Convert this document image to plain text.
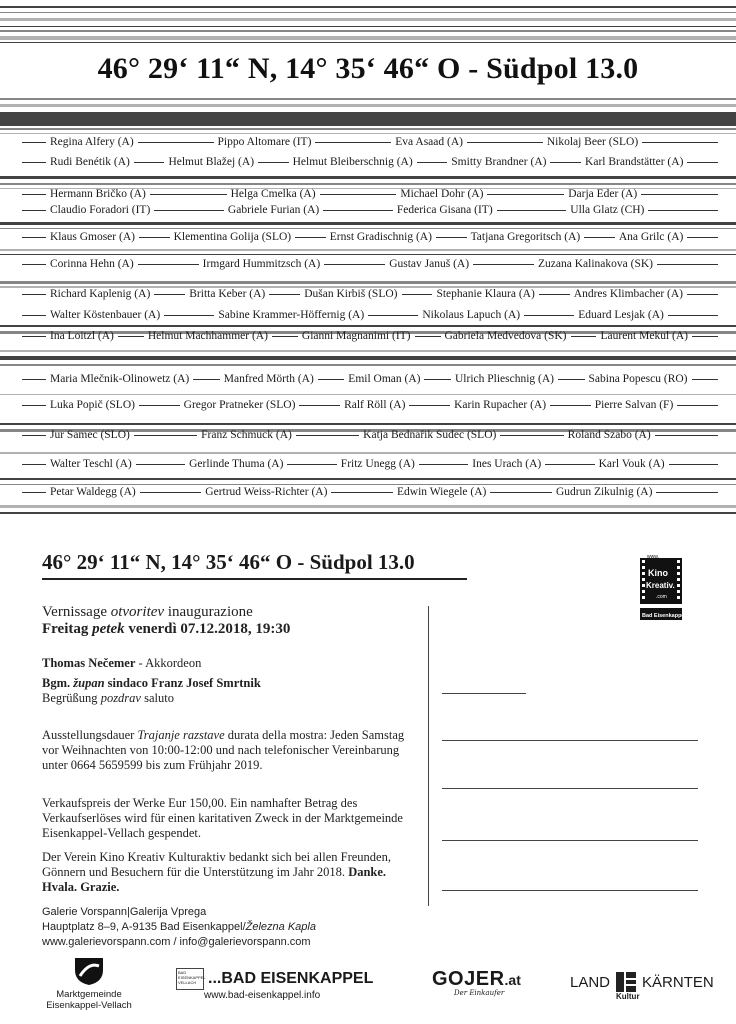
46° 29‘ 11“ N, 14° 35‘ 46“ O - Südpol 13.0
Regina Alfery (A)	Pippo Altomare (IT)	Eva Asaad (A)	Nikolaj Beer (SLO)
Rudi Benétik (A)	Helmut Blažej (A)	Helmut Bleiberschnig (A)	Smitty Brandner (A)	Karl Brandstätter (A)
Hermann Bričko (A)	Helga Cmelka (A)	Michael Dohr (A)	Darja Eder (A)
Claudio Foradori (IT)	Gabriele Furian (A)	Federica Gisana (IT)	Ulla Glatz (CH)
Klaus Gmoser (A)	Klementina Golija (SLO)	Ernst Gradischnig (A)	Tatjana Gregoritsch (A)	Ana Grilc (A)
Corinna Hehn (A)	Irmgard Hummitzsch (A)	Gustav Januš (A)	Zuzana Kalinakova (SK)
Richard Kaplenig (A)	Britta Keber (A)	Dušan Kirbiš (SLO)	Stephanie Klaura (A)	Andres Klimbacher (A)
Walter Köstenbauer (A)	Sabine Krammer-Höffernig (A)	Nikolaus Lapuch (A)	Eduard Lesjak (A)
Ina Loitzl (A)	Helmut Machhammer (A)	Gianni Magnanimi (IT)	Gabriela Medvedova (SK)	Laurent Mekul (A)
Maria Mlečnik-Olinowetz (A)	Manfred Mörth (A)	Emil Oman (A)	Ulrich Plieschnig (A)	Sabina Popescu (RO)
Luka Popič (SLO)	Gregor Pratneker (SLO)	Ralf Röll (A)	Karin Rupacher (A)	Pierre Salvan (F)
Jur Samec (SLO)	Franz Schmuck (A)	Katja Bednařik Sudec (SLO)	Roland Szabo (A)
Walter Teschl (A)	Gerlinde Thuma (A)	Fritz Unegg (A)	Ines Urach (A)	Karl Vouk (A)
Petar Waldegg (A)	Gertrud Weiss-Richter (A)	Edwin Wiegele (A)	Gudrun Zikulnig (A)
46° 29‘ 11“ N, 14° 35‘ 46“ O - Südpol 13.0	www.
Kino
Kreativ.
.com
Bad Eisenkappel
Vernissage otvoritev inaugurazione
Freitag petek venerdì 07.12.2018, 19:30
Thomas Nečemer - Akkordeon
Bgm. župan sindaco Franz Josef Smrtnik
Begrüßung pozdrav saluto
Ausstellungsdauer Trajanje razstave durata della mostra: Jeden Samstag vor Weihnachten von 10:00-12:00 und nach telefonischer Vereinbarung unter 0664 5659599 bis zum Frühjahr 2019.
Verkaufspreis der Werke Eur 150,00. Ein namhafter Betrag des Verkaufserlöses wird für einen karitativen Zweck in der Marktgemeinde Eisenkappel-Vellach gespendet.
Der Verein Kino Kreativ Kulturaktiv bedankt sich bei allen Freunden, Gönnern und Besuchern für die Unterstützung im Jahr 2018. Danke. Hvala. Grazie.
Galerie Vorspann|Galerija Vprega
Hauptplatz 8–9, A-9135 Bad Eisenkappel/Železna Kapla
www.galerievorspann.com / info@galerievorspann.com
Marktgemeinde Eisenkappel-Vellach
BAD EISENKAPPEL VELLACH ...BAD EISENKAPPEL
www.bad-eisenkappel.info
GOJER.at
Der Einkaufer
LAND KÄRNTEN
Kultur
